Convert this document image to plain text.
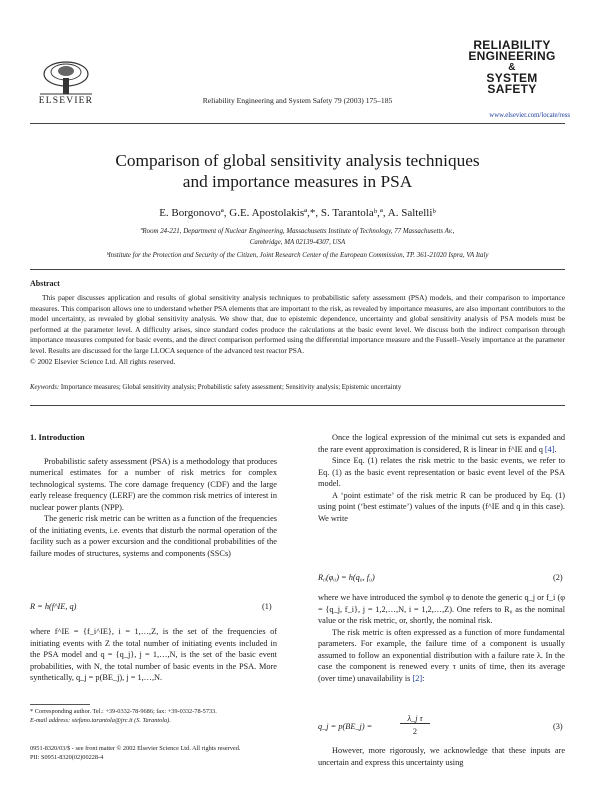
ELSEVIER	Reliability Engineering and System Safety 79 (2003) 175–185
RELIABILITY
ENGINEERING
&
SYSTEM
SAFETY
www.elsevier.com/locate/ress
Comparison of global sensitivity analysis techniques
and importance measures in PSA
E. Borgonovoª, G.E. Apostolakisª,*, S. Tarantolaᵇ,ª, A. Saltelliᵇ
ªRoom 24-221, Department of Nuclear Engineering, Massachusetts Institute of Technology, 77 Massachusetts Av.,
Cambridge, MA 02139-4307, USA
ᵇInstitute for the Protection and Security of the Citizen, Joint Research Center of the European Commission, TP. 361-21020 Ispra, VA Italy
Abstract

This paper discusses application and results of global sensitivity analysis techniques to probabilistic safety assessment (PSA) models, and their comparison to importance measures. This comparison allows one to understand whether PSA elements that are important to the risk, as revealed by importance measures, are also important contributors to the model uncertainty, as revealed by global sensitivity analysis. We show that, due to epistemic dependence, uncertainty and global sensitivity analysis of PSA models must be performed at the parameter level. A difficulty arises, since standard codes produce the calculations at the basic event level. We discuss both the indirect comparison through importance measures computed for basic events, and the direct comparison performed using the differential importance measure and the Fussell–Vesely importance at the parameter level. Results are discussed for the large LLOCA sequence of the advanced test reactor PSA.

© 2002 Elsevier Science Ltd. All rights reserved.

Keywords: Importance measures; Global sensitivity analysis; Probabilistic safety assessment; Sensitivity analysis; Epistemic uncertainty
1. Introduction

Probabilistic safety assessment (PSA) is a methodology that produces numerical estimates for a number of risk metrics for complex technological systems. The core damage frequency (CDF) and the large early release frequency (LERF) are the common risk metrics of interest in nuclear power plants (NPP).

The generic risk metric can be written as a function of the frequencies of the initiating events, i.e. events that disturb the normal operation of the facility such as a power excursion and the conditional probabilities of the failure modes of structures, systems and components (SSCs)

R = h(f^IE, q)	(1)

where f^IE = {f_i^IE}, i = 1,…,Z, is the set of the frequencies of initiating events with Z the total number of initiating events included in the PSA model and q = {q_j}, j = 1,…,N, is the set of the basic event probabilities, with N, the total number of basic events in the PSA. More synthetically, q_j = p(BE_j), j = 1,…,N.

* Corresponding author. Tel.: +39-0332-78-9686; fax: +39-0332-78-5733.
E-mail address: stefano.tarantola@jrc.it (S. Tarantola).
0951-8320/03/$ - see front matter © 2002 Elsevier Science Ltd. All rights reserved.
PII: S0951-8320(02)00228-4

Once the logical expression of the minimal cut sets is expanded and the rare event approximation is considered, R is linear in f^IE and q [4].

Since Eq. (1) relates the risk metric to the basic events, we refer to Eq. (1) as the basic event representation or basic event level of the PSA model.

A ‘point estimate’ of the risk metric R can be produced by Eq. (1) using point (‘best estimate’) values of the inputs (f^IE and q in this case). We write

R₀(φ₀) = h(q₀, f₀)	(2)

where we have introduced the symbol φ to denote the generic q_j or f_i (φ = {q_j, f_i}, j = 1,2,…,N, i = 1,2,…,Z). One refers to R₀ as the nominal value or the risk metric, or, shortly, the nominal risk.

The risk metric is often expressed as a function of more fundamental parameters. For example, the failure time of a component is usually assumed to follow an exponential distribution with a failure rate λ. In the case the component is renewed every τ units of time, then its average (over time) unavailability is [2]:

q_j = p(BE_j) =
λ_j τ
2
(3)

However, more rigorously, we acknowledge that these inputs are uncertain and express this uncertainty using
